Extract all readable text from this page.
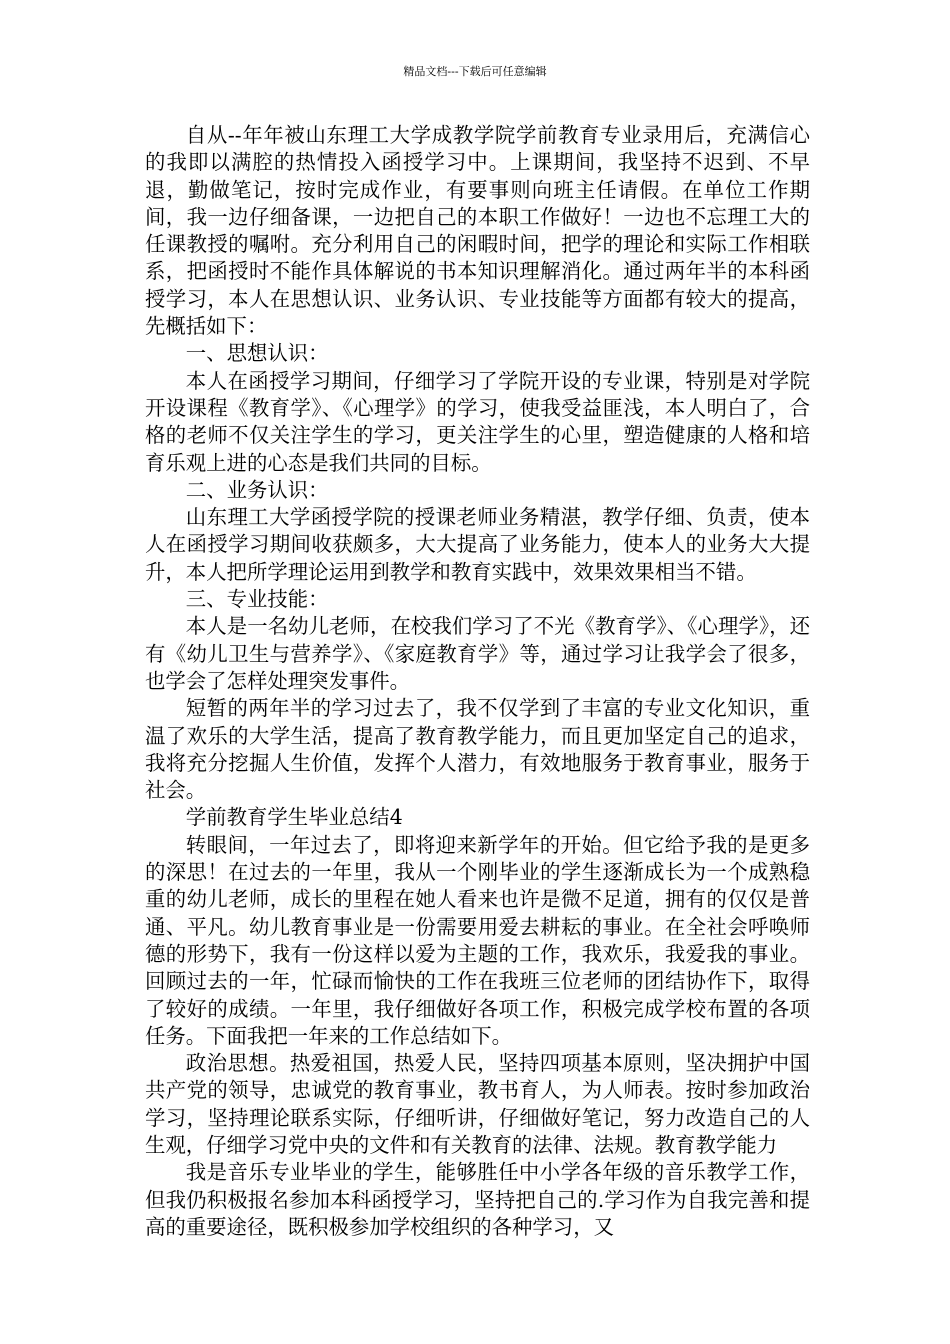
精品文档---下载后可任意编辑

自从--年年被山东理工大学成教学院学前教育专业录用后，充满信心的我即以满腔的热情投入函授学习中。上课期间，我坚持不迟到、不早退，勤做笔记，按时完成作业，有要事则向班主任请假。在单位工作期间，我一边仔细备课，一边把自己的本职工作做好！一边也不忘理工大的任课教授的嘱咐。充分利用自己的闲暇时间，把学的理论和实际工作相联系，把函授时不能作具体解说的书本知识理解消化。通过两年半的本科函授学习，本人在思想认识、业务认识、专业技能等方面都有较大的提高，先概括如下：

一、思想认识：

本人在函授学习期间，仔细学习了学院开设的专业课，特别是对学院开设课程《教育学》、《心理学》的学习，使我受益匪浅，本人明白了，合格的老师不仅关注学生的学习，更关注学生的心里，塑造健康的人格和培育乐观上进的心态是我们共同的目标。

二、业务认识：

山东理工大学函授学院的授课老师业务精湛，教学仔细、负责，使本人在函授学习期间收获颇多，大大提高了业务能力，使本人的业务大大提升，本人把所学理论运用到教学和教育实践中，效果效果相当不错。

三、专业技能：

本人是一名幼儿老师，在校我们学习了不光《教育学》、《心理学》，还有《幼儿卫生与营养学》、《家庭教育学》等，通过学习让我学会了很多，也学会了怎样处理突发事件。

短暂的两年半的学习过去了，我不仅学到了丰富的专业文化知识，重温了欢乐的大学生活，提高了教育教学能力，而且更加坚定自己的追求，我将充分挖掘人生价值，发挥个人潜力，有效地服务于教育事业，服务于社会。

学前教育学生毕业总结4

转眼间，一年过去了，即将迎来新学年的开始。但它给予我的是更多的深思！在过去的一年里，我从一个刚毕业的学生逐渐成长为一个成熟稳重的幼儿老师，成长的里程在她人看来也许是微不足道，拥有的仅仅是普通、平凡。幼儿教育事业是一份需要用爱去耕耘的事业。在全社会呼唤师德的形势下，我有一份这样以爱为主题的工作，我欢乐，我爱我的事业。回顾过去的一年，忙碌而愉快的工作在我班三位老师的团结协作下，取得了较好的成绩。一年里，我仔细做好各项工作，积极完成学校布置的各项任务。下面我把一年来的工作总结如下。

政治思想。热爱祖国，热爱人民，坚持四项基本原则，坚决拥护中国共产党的领导，忠诚党的教育事业，教书育人，为人师表。按时参加政治学习，坚持理论联系实际，仔细听讲，仔细做好笔记，努力改造自己的人生观，仔细学习党中央的文件和有关教育的法律、法规。教育教学能力

我是音乐专业毕业的学生，能够胜任中小学各年级的音乐教学工作，但我仍积极报名参加本科函授学习，坚持把自己的.学习作为自我完善和提高的重要途径，既积极参加学校组织的各种学习，又
